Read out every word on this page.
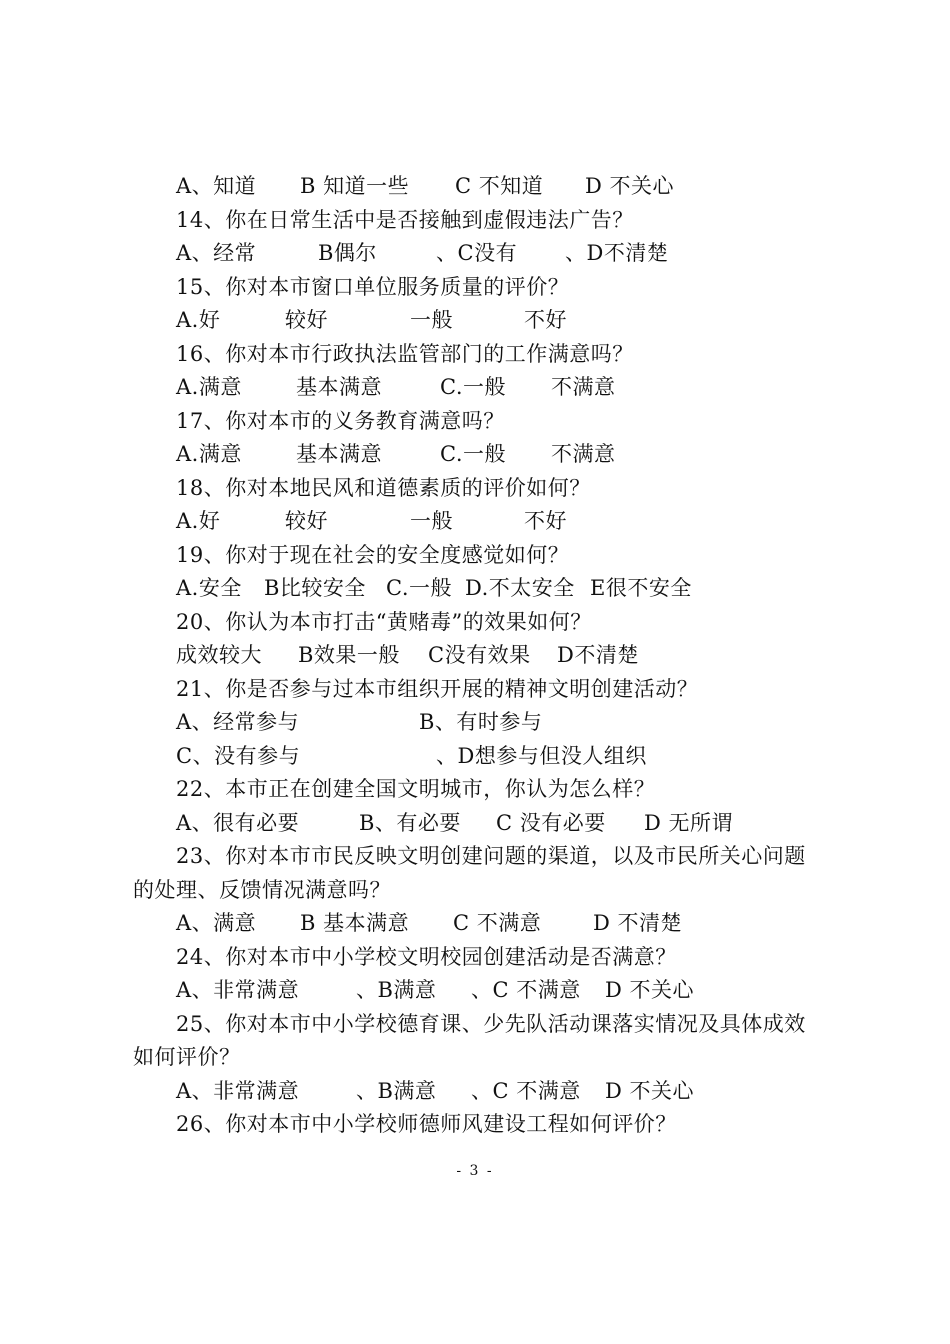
A、知道 B 知道一些 C 不知道 D 不关心
14、你在日常生活中是否接触到虚假违法广告？
A、经常	B偶尔	、C没有 、D不清楚
15、你对本市窗口单位服务质量的评价？
A.好	较好	一般	不好
16、你对本市行政执法监管部门的工作满意吗？
A.满意	基本满意	C.一般 不满意
17、你对本市的义务教育满意吗？
A.满意	基本满意	C.一般 不满意
18、你对本地民风和道德素质的评价如何？
A.好	较好	一般	不好
19、你对于现在社会的安全度感觉如何？
A.安全 B比较安全 C.一般 D.不太安全 E很不安全
20、你认为本市打击“黄赌毒”的效果如何？
成效较大 B效果一般 C没有效果 D不清楚
21、你是否参与过本市组织开展的精神文明创建活动？
A、经常参与	B、有时参与
C、没有参与	、D想参与但没人组织
22、本市正在创建全国文明城市，你认为怎么样？
A、很有必要	B、有必要 C 没有必要 D 无所谓
23、你对本市市民反映文明创建问题的渠道，以及市民所关心问题
的处理、反馈情况满意吗？
A、满意 B 基本满意 C 不满意 D 不清楚
24、你对本市中小学校文明校园创建活动是否满意？
A、非常满意	、B满意 、C 不满意 D 不关心
25、你对本市中小学校德育课、少先队活动课落实情况及具体成效
如何评价？
A、非常满意	、B满意 、C 不满意 D 不关心
26、你对本市中小学校师德师风建设工程如何评价？
- 3 -
